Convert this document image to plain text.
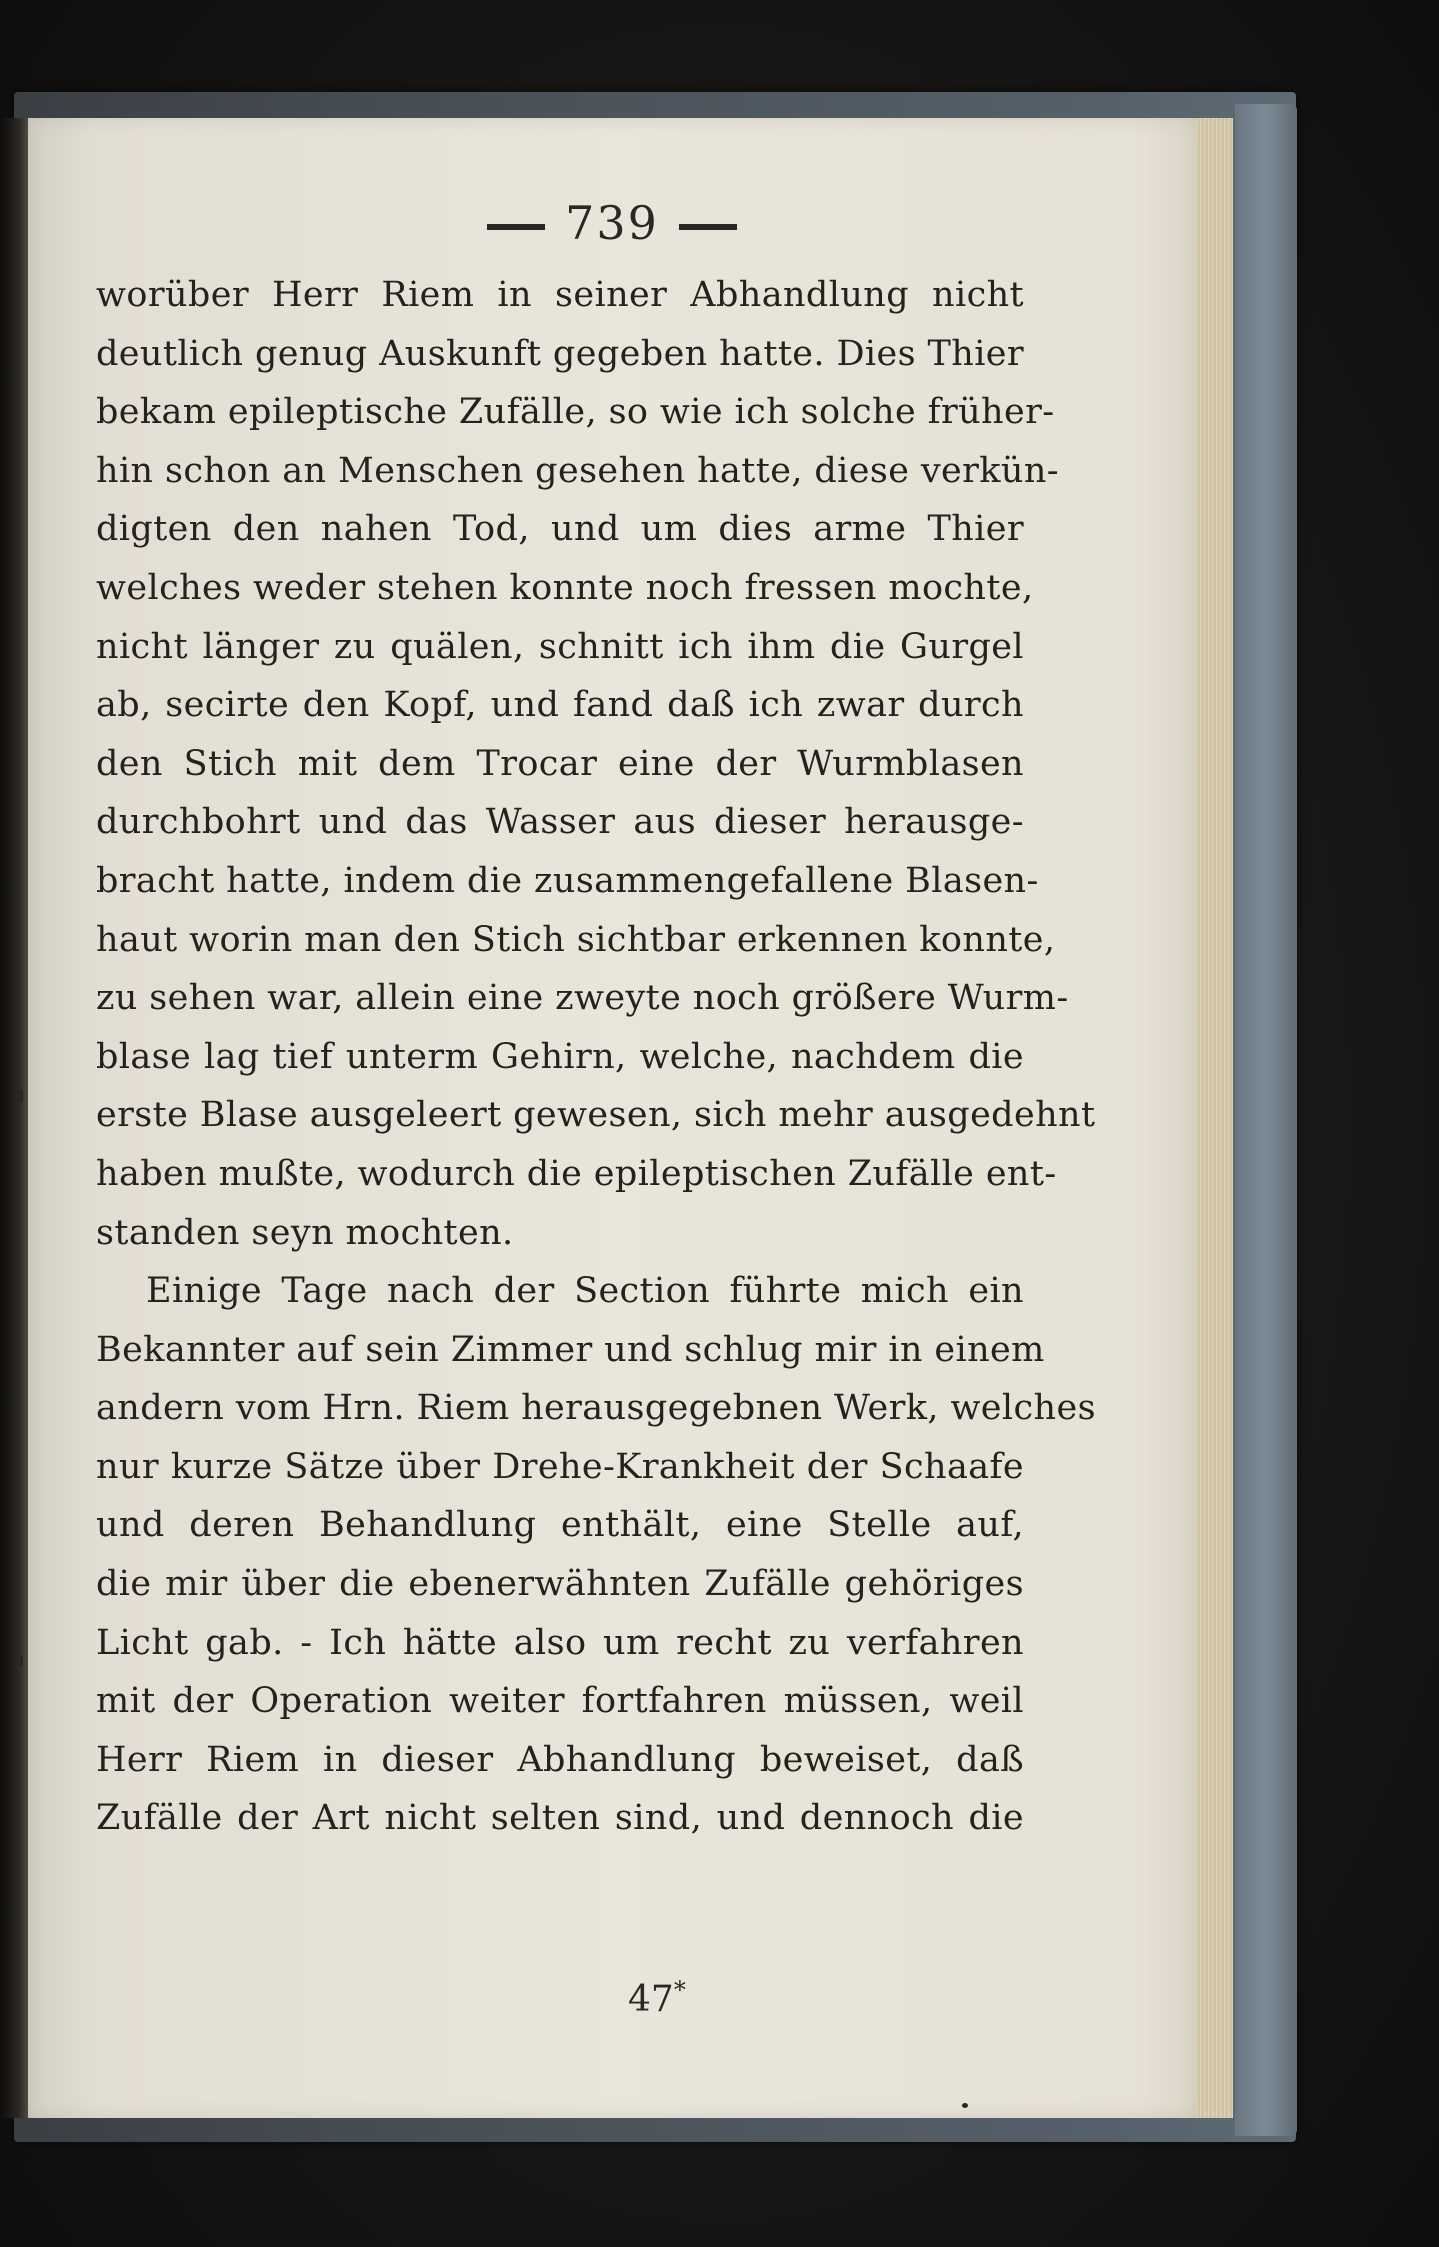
739
worüber Herr Riem in seiner Abhandlung nicht
deutlich genug Auskunft gegeben hatte. Dies Thier
bekam epileptische Zufälle, so wie ich solche früher-
hin schon an Menschen gesehen hatte, diese verkün-
digten den nahen Tod, und um dies arme Thier
welches weder stehen konnte noch fressen mochte,
nicht länger zu quälen, schnitt ich ihm die Gurgel
ab, secirte den Kopf, und fand daß ich zwar durch
den Stich mit dem Trocar eine der Wurmblasen
durchbohrt und das Wasser aus dieser herausge-
bracht hatte, indem die zusammengefallene Blasen-
haut worin man den Stich sichtbar erkennen konnte,
zu sehen war, allein eine zweyte noch größere Wurm-
blase lag tief unterm Gehirn, welche, nachdem die
erste Blase ausgeleert gewesen, sich mehr ausgedehnt
haben mußte, wodurch die epileptischen Zufälle ent-
standen seyn mochten.
Einige Tage nach der Section führte mich ein
Bekannter auf sein Zimmer und schlug mir in einem
andern vom Hrn. Riem herausgegebnen Werk, welches
nur kurze Sätze über Drehe-Krankheit der Schaafe
und deren Behandlung enthält, eine Stelle auf,
die mir über die ebenerwähnten Zufälle gehöriges
Licht gab. - Ich hätte also um recht zu verfahren
mit der Operation weiter fortfahren müssen, weil
Herr Riem in dieser Abhandlung beweiset, daß
Zufälle der Art nicht selten sind, und dennoch die
47*
